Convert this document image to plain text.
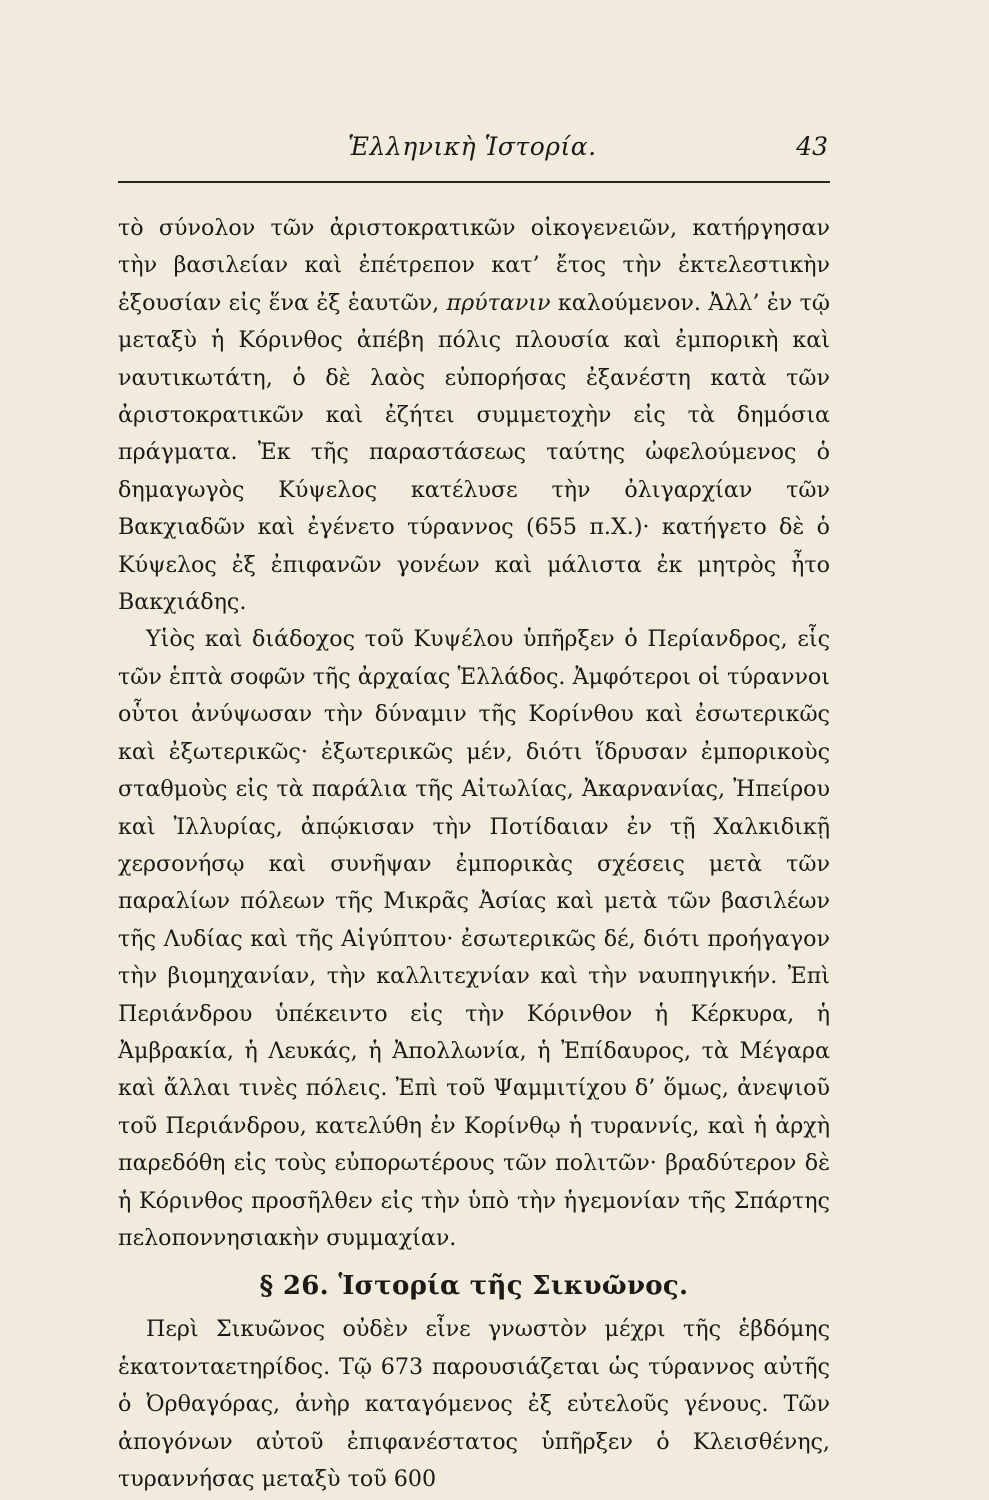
Ἑλληνικὴ Ἱστορία.	43

τὸ σύνολον τῶν ἀριστοκρατικῶν οἰκογενειῶν, κατήργησαν τὴν βασιλείαν καὶ ἐπέτρεπον κατ’ ἔτος τὴν ἐκτελεστικὴν ἐξουσίαν εἰς ἕνα ἐξ ἑαυτῶν, πρύτανιν καλούμενον. Ἀλλ’ ἐν τῷ μεταξὺ ἡ Κόρινθος ἀπέβη πόλις πλουσία καὶ ἐμπορικὴ καὶ ναυτικωτάτη, ὁ δὲ λαὸς εὐπορήσας ἐξανέστη κατὰ τῶν ἀριστοκρατικῶν καὶ ἐζήτει συμμετοχὴν εἰς τὰ δημόσια πράγματα. Ἐκ τῆς παραστάσεως ταύτης ὠφελούμενος ὁ δημαγωγὸς Κύψελος κατέλυσε τὴν ὀλιγαρχίαν τῶν Βακχιαδῶν καὶ ἐγένετο τύραννος (655 π.Χ.)· κατήγετο δὲ ὁ Κύψελος ἐξ ἐπιφανῶν γονέων καὶ μάλιστα ἐκ μητρὸς ἦτο Βακχιάδης.

Υἱὸς καὶ διάδοχος τοῦ Κυψέλου ὑπῆρξεν ὁ Περίανδρος, εἷς τῶν ἑπτὰ σοφῶν τῆς ἀρχαίας Ἑλλάδος. Ἀμφότεροι οἱ τύραννοι οὗτοι ἀνύψωσαν τὴν δύναμιν τῆς Κορίνθου καὶ ἐσωτερικῶς καὶ ἐξωτερικῶς· ἐξωτερικῶς μέν, διότι ἵδρυσαν ἐμπορικοὺς σταθμοὺς εἰς τὰ παράλια τῆς Αἰτωλίας, Ἀκαρνανίας, Ἠπείρου καὶ Ἰλλυρίας, ἀπῴκισαν τὴν Ποτίδαιαν ἐν τῇ Χαλκιδικῇ χερσονήσῳ καὶ συνῆψαν ἐμπορικὰς σχέσεις μετὰ τῶν παραλίων πόλεων τῆς Μικρᾶς Ἀσίας καὶ μετὰ τῶν βασιλέων τῆς Λυδίας καὶ τῆς Αἰγύπτου· ἐσωτερικῶς δέ, διότι προήγαγον τὴν βιομηχανίαν, τὴν καλλιτεχνίαν καὶ τὴν ναυπηγικήν. Ἐπὶ Περιάνδρου ὑπέκειντο εἰς τὴν Κόρινθον ἡ Κέρκυρα, ἡ Ἀμβρακία, ἡ Λευκάς, ἡ Ἀπολλωνία, ἡ Ἐπίδαυρος, τὰ Μέγαρα καὶ ἄλλαι τινὲς πόλεις. Ἐπὶ τοῦ Ψαμμιτίχου δ’ ὅμως, ἀνεψιοῦ τοῦ Περιάνδρου, κατελύθη ἐν Κορίνθῳ ἡ τυραννίς, καὶ ἡ ἀρχὴ παρεδόθη εἰς τοὺς εὐπορωτέρους τῶν πολιτῶν· βραδύτερον δὲ ἡ Κόρινθος προσῆλθεν εἰς τὴν ὑπὸ τὴν ἡγεμονίαν τῆς Σπάρτης πελοποννησιακὴν συμμαχίαν.

§ 26. Ἱστορία τῆς Σικυῶνος.

Περὶ Σικυῶνος οὐδὲν εἶνε γνωστὸν μέχρι τῆς ἑβδόμης ἑκατονταετηρίδος. Τῷ 673 παρουσιάζεται ὡς τύραννος αὐτῆς ὁ Ὀρθαγόρας, ἀνὴρ καταγόμενος ἐξ εὐτελοῦς γένους. Τῶν ἀπογόνων αὐτοῦ ἐπιφανέστατος ὑπῆρξεν ὁ Κλεισθένης, τυραννήσας μεταξὺ τοῦ 600
